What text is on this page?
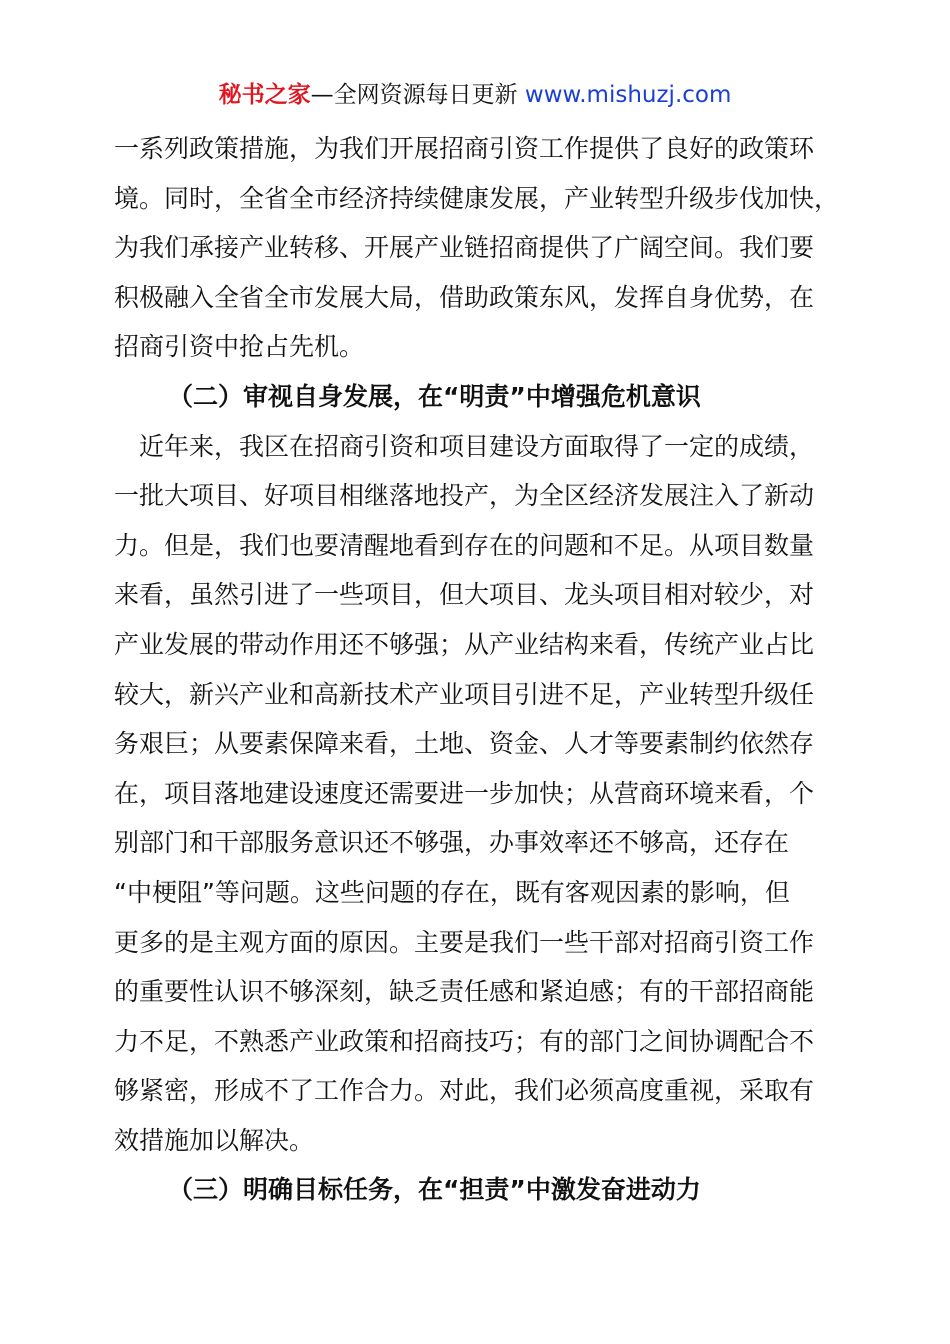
秘书之家—全网资源每日更新 www.mishuzj.com
一系列政策措施，为我们开展招商引资工作提供了良好的政策环
境。同时，全省全市经济持续健康发展，产业转型升级步伐加快，
为我们承接产业转移、开展产业链招商提供了广阔空间。我们要
积极融入全省全市发展大局，借助政策东风，发挥自身优势，在
招商引资中抢占先机。
（二）审视自身发展，在“明责”中增强危机意识
　近年来，我区在招商引资和项目建设方面取得了一定的成绩，
一批大项目、好项目相继落地投产，为全区经济发展注入了新动
力。但是，我们也要清醒地看到存在的问题和不足。从项目数量
来看，虽然引进了一些项目，但大项目、龙头项目相对较少，对
产业发展的带动作用还不够强；从产业结构来看，传统产业占比
较大，新兴产业和高新技术产业项目引进不足，产业转型升级任
务艰巨；从要素保障来看，土地、资金、人才等要素制约依然存
在，项目落地建设速度还需要进一步加快；从营商环境来看，个
别部门和干部服务意识还不够强，办事效率还不够高，还存在
“中梗阻”等问题。这些问题的存在，既有客观因素的影响，但
更多的是主观方面的原因。主要是我们一些干部对招商引资工作
的重要性认识不够深刻，缺乏责任感和紧迫感；有的干部招商能
力不足，不熟悉产业政策和招商技巧；有的部门之间协调配合不
够紧密，形成不了工作合力。对此，我们必须高度重视，采取有
效措施加以解决。
（三）明确目标任务，在“担责”中激发奋进动力
